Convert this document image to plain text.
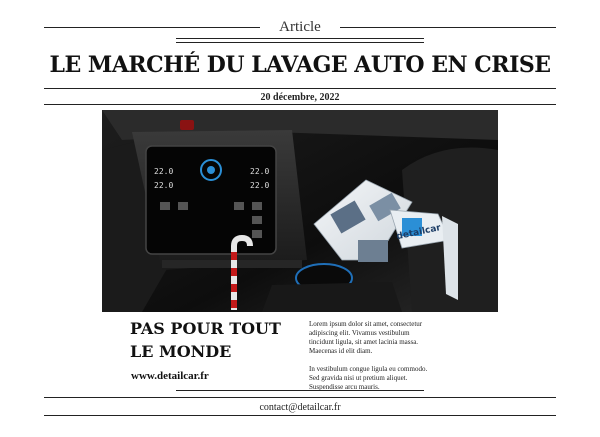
Article
LE MARCHÉ DU LAVAGE AUTO EN CRISE
20 décembre, 2022
22.0	22.0
22.0	22.0
detailcar
PAS POUR TOUT
LE MONDE
www.detailcar.fr

Lorem ipsum dolor sit amet, consectetur adipiscing elit. Vivamus vestibulum tincidunt ligula, sit amet lacinia massa. Maecenas id elit diam.

In vestibulum congue ligula eu commodo. Sed gravida nisi ut pretium aliquet. Suspendisse arcu mauris.

contact@detailcar.fr
